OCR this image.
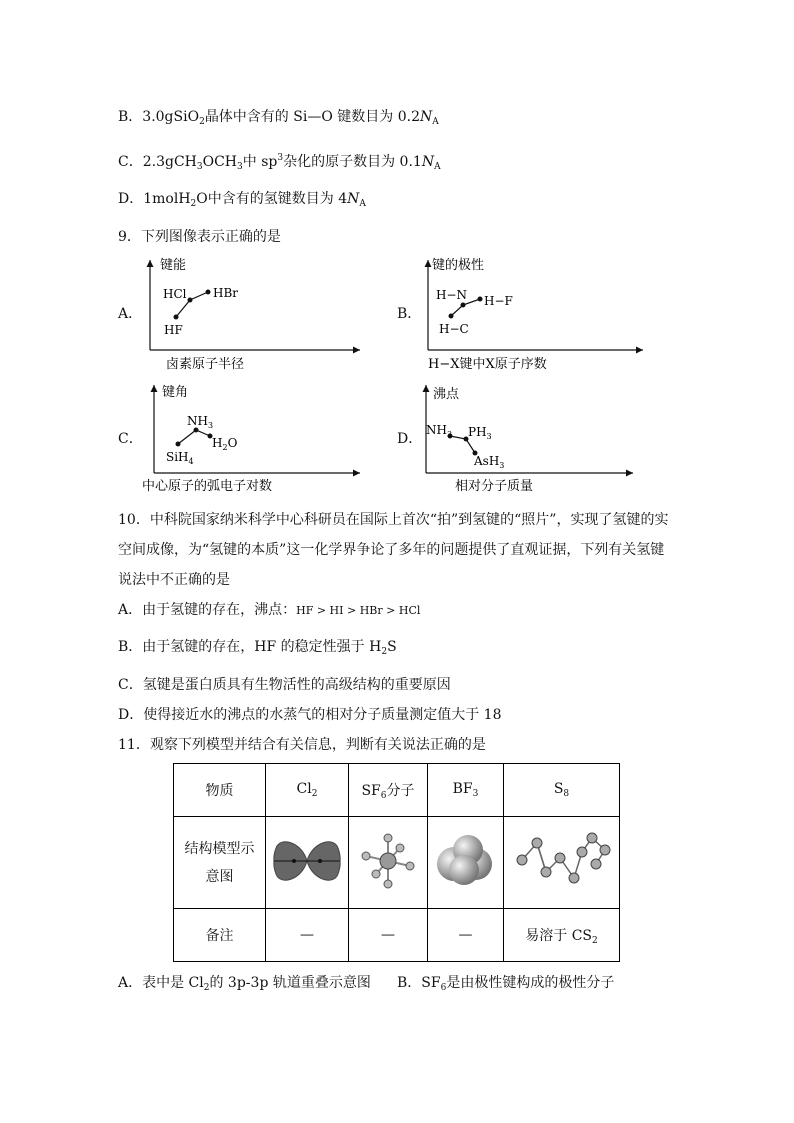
B．3.0gSiO$_2$晶体中含有的 Si—O 键数目为 $0.2N_A$
C．$2.3gCH_3OCH_3$中 $sp^3$杂化的原子数目为 $0.1N_A$
D．1molH$_2$O中含有的氢键数目为 $4N_A$
9．下列图像表示正确的是
A．
键能
HF
HCl HBr
卤素原子半径
B．
键的极性
H−C
H−N H−F
H−X键中X原子序数
C．
键角
SiH$_4$
$NH_3$
$H_2O$
中心原子的弧电子对数
D．
沸点
$NH_3$ $PH_3$
AsH$_3$
相对分子质量
10．中科院国家纳米科学中心科研员在国际上首次“拍”到氢键的“照片”，实现了氢键的实
空间成像，为“氢键的本质”这一化学界争论了多年的问题提供了直观证据，下列有关氢键
说法中不正确的是
A．由于氢键的存在，沸点：HF > HI > HBr > HCl
B．由于氢键的存在，HF 的稳定性强于 $H_2S$
C．氢键是蛋白质具有生物活性的高级结构的重要原因
D．使得接近水的沸点的水蒸气的相对分子质量测定值大于 18
11．观察下列模型并结合有关信息，判断有关说法正确的是
物质	$Cl_2$	$SF_6$分子	$BF_3$	$S_8$
结构模型示
意图				
备注	—	—	—	易溶于 $CS_2$
A．表中是 $Cl_2$的 3p-3p 轨道重叠示意图 B．$SF_6$是由极性键构成的极性分子
